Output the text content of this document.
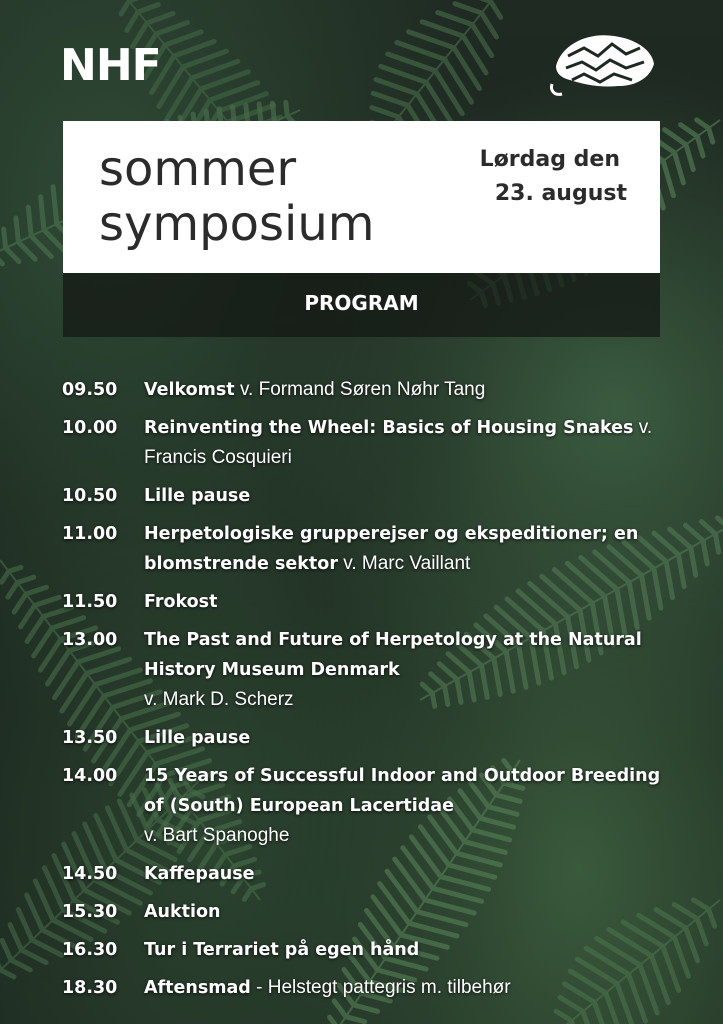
NHF
sommer
symposium
Lørdag den
23. august
PROGRAM
09.50	Velkomst v. Formand Søren Nøhr Tang
10.00	Reinventing the Wheel: Basics of Housing Snakes v. Francis Cosquieri
10.50	Lille pause
11.00	Herpetologiske grupperejser og ekspeditioner; en blomstrende sektor v. Marc Vaillant
11.50	Frokost
13.00	The Past and Future of Herpetology at the Natural History Museum Denmark
v. Mark D. Scherz
13.50	Lille pause
14.00	15 Years of Successful Indoor and Outdoor Breeding of (South) European Lacertidae
v. Bart Spanoghe
14.50	Kaffepause
15.30	Auktion
16.30	Tur i Terrariet på egen hånd
18.30	Aftensmad - Helstegt pattegris m. tilbehør
